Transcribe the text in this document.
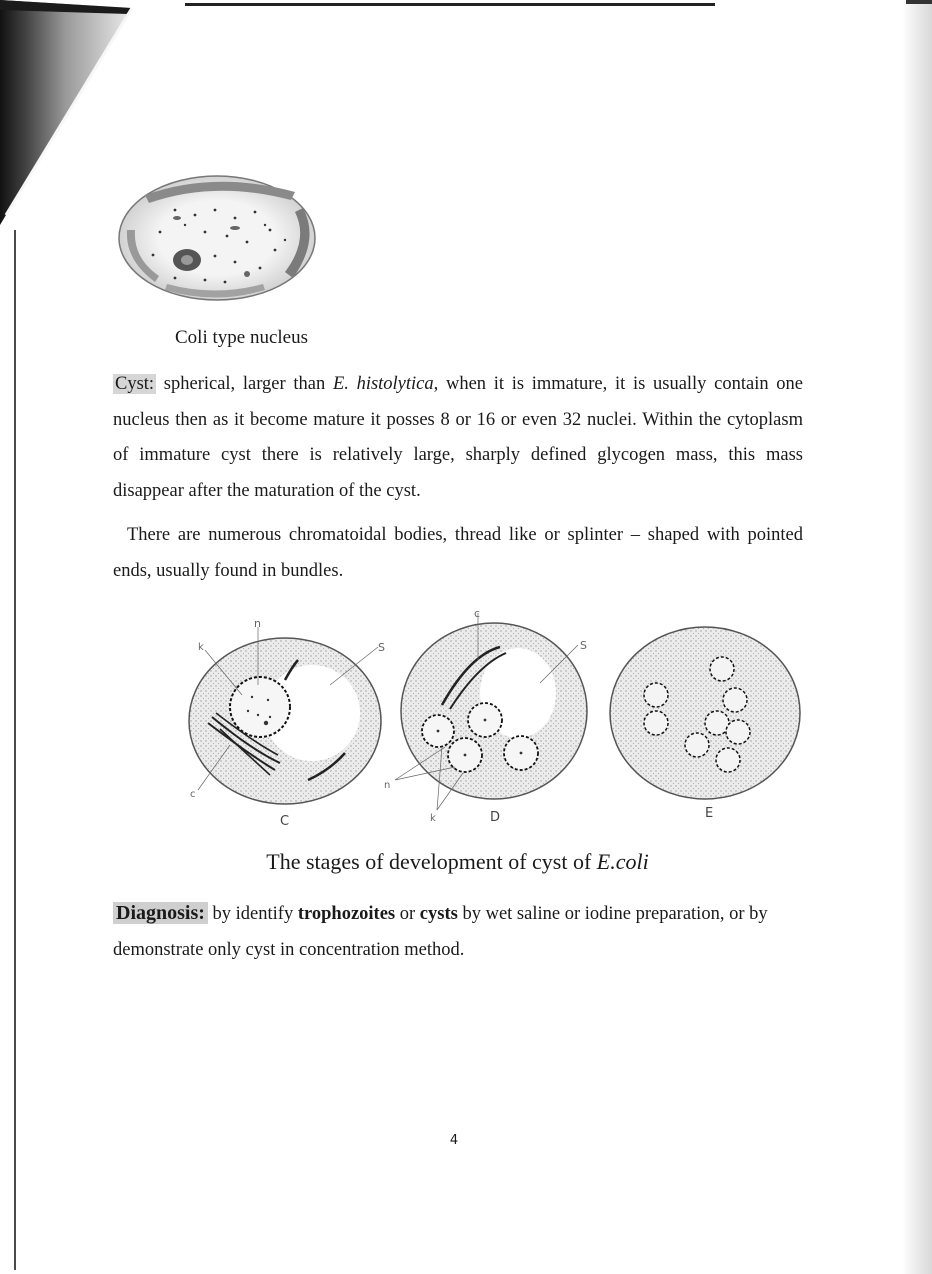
Coli type nucleus
Cyst: spherical, larger than E. histolytica, when it is immature, it is usually contain one nucleus then as it become mature it posses 8 or 16 or even 32 nuclei. Within the cytoplasm of immature cyst there is relatively large, sharply defined glycogen mass, this mass disappear after the maturation of the cyst.
There are numerous chromatoidal bodies, thread like or splinter – shaped with pointed ends, usually found in bundles.
n
k	S
c
C
c
S
n
k	D	E
The stages of development of cyst of E.coli
Diagnosis: by identify trophozoites or cysts by wet saline or iodine preparation, or by demonstrate only cyst in concentration method.
4
